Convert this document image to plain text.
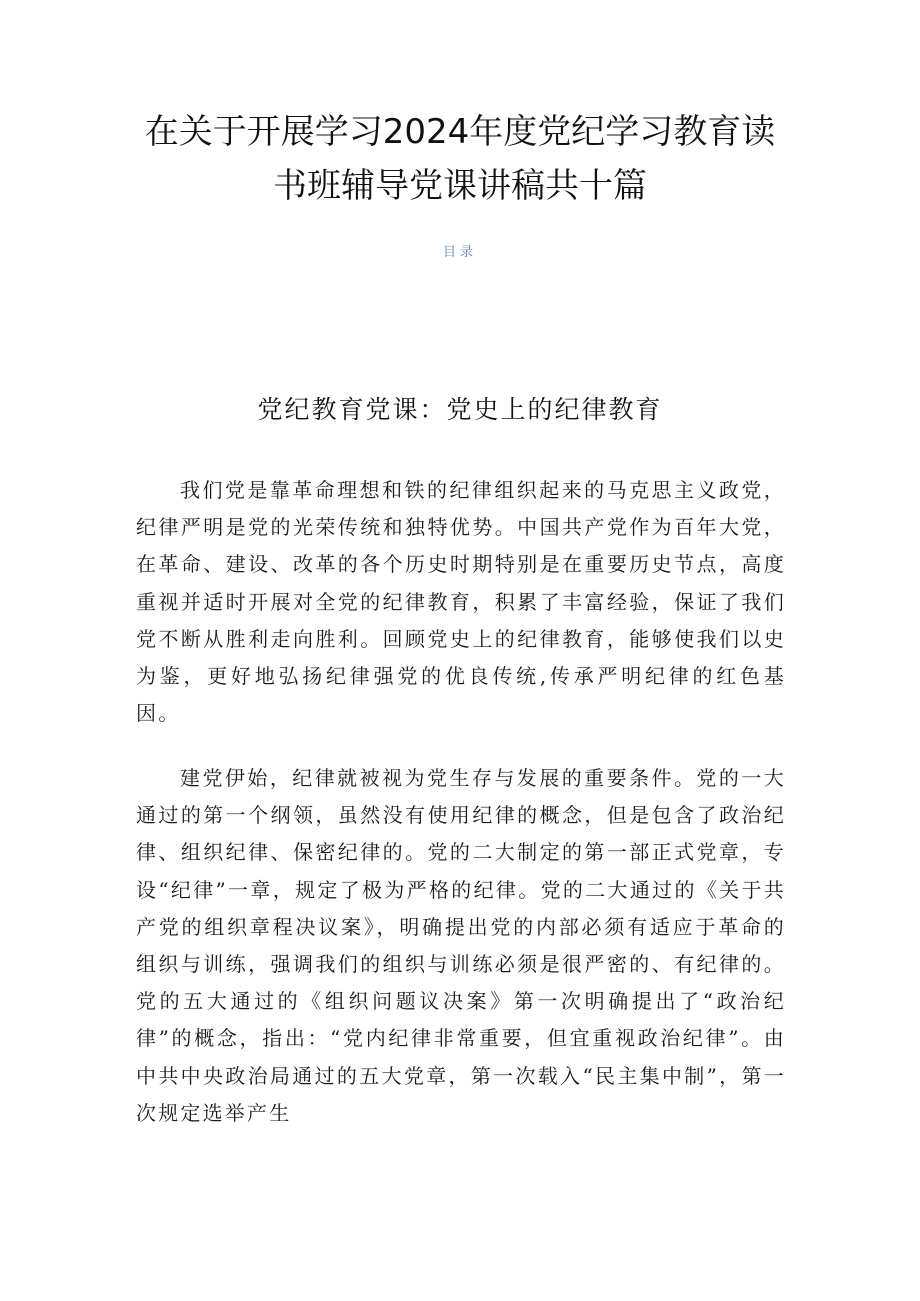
在关于开展学习2024年度党纪学习教育读
书班辅导党课讲稿共十篇
目录
党纪教育党课：党史上的纪律教育

我们党是靠革命理想和铁的纪律组织起来的马克思主义政党，纪律严明是党的光荣传统和独特优势。中国共产党作为百年大党，在革命、建设、改革的各个历史时期特别是在重要历史节点，高度重视并适时开展对全党的纪律教育，积累了丰富经验，保证了我们党不断从胜利走向胜利。回顾党史上的纪律教育，能够使我们以史为鉴，更好地弘扬纪律强党的优良传统,传承严明纪律的红色基因。

建党伊始，纪律就被视为党生存与发展的重要条件。党的一大通过的第一个纲领，虽然没有使用纪律的概念，但是包含了政治纪律、组织纪律、保密纪律的。党的二大制定的第一部正式党章，专设“纪律”一章，规定了极为严格的纪律。党的二大通过的《关于共产党的组织章程决议案》，明确提出党的内部必须有适应于革命的组织与训练，强调我们的组织与训练必须是很严密的、有纪律的。党的五大通过的《组织问题议决案》第一次明确提出了“政治纪律”的概念，指出：“党内纪律非常重要，但宜重视政治纪律”。由中共中央政治局通过的五大党章，第一次载入“民主集中制”，第一次规定选举产生
